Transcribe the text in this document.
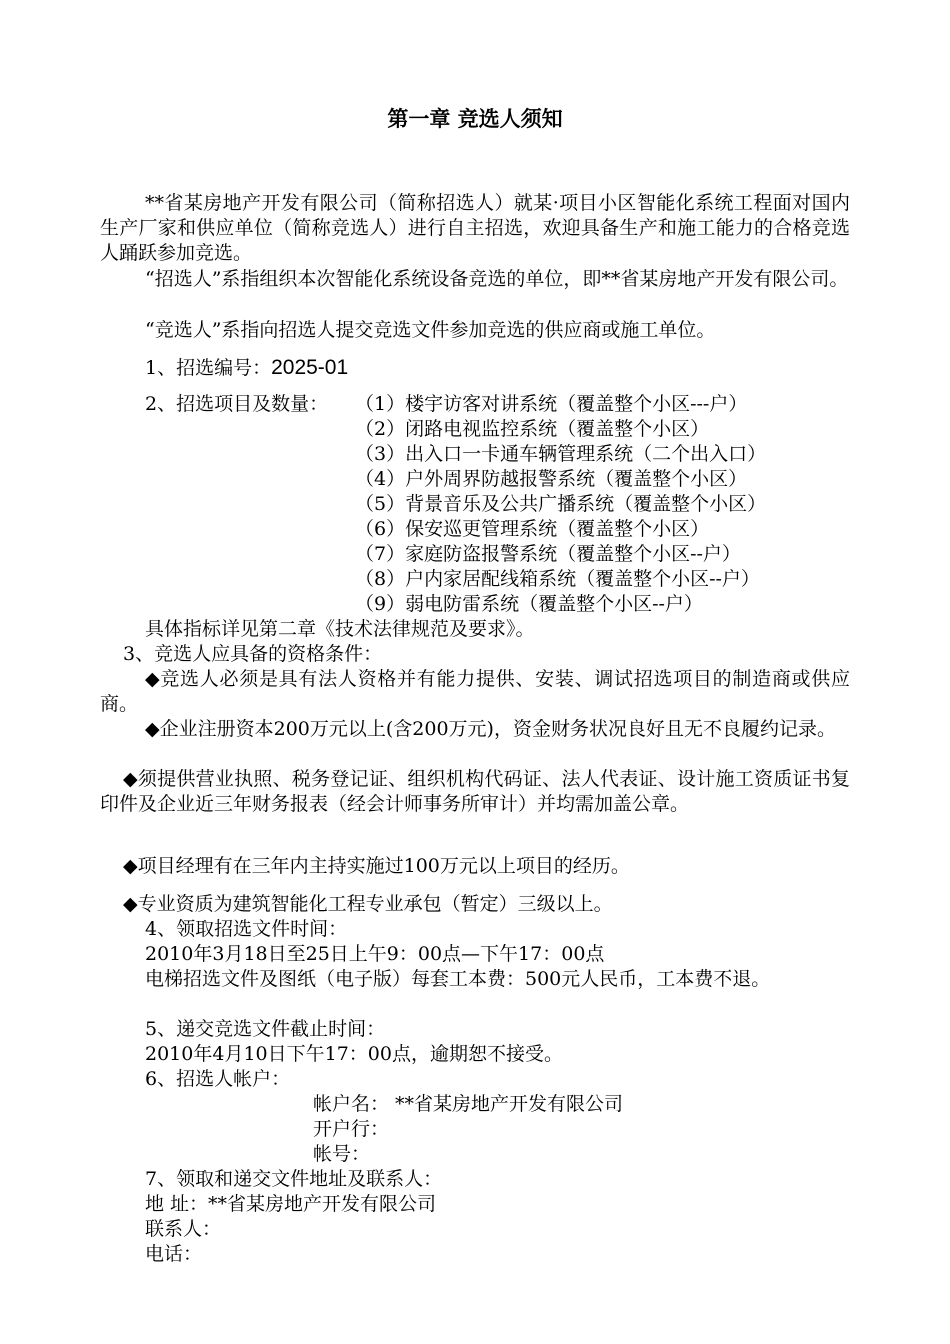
第一章 竞选人须知
**省某房地产开发有限公司（简称招选人）就某·项目小区智能化系统工程面对国内生产厂家和供应单位（简称竞选人）进行自主招选，欢迎具备生产和施工能力的合格竞选人踊跃参加竞选。
“招选人”系指组织本次智能化系统设备竞选的单位，即**省某房地产开发有限公司。
“竞选人”系指向招选人提交竞选文件参加竞选的供应商或施工单位。
1、招选编号：2025-01
2、招选项目及数量： （1）楼宇访客对讲系统（覆盖整个小区---户）
（2）闭路电视监控系统（覆盖整个小区）
（3）出入口一卡通车辆管理系统（二个出入口）
（4）户外周界防越报警系统（覆盖整个小区）
（5）背景音乐及公共广播系统（覆盖整个小区）
（6）保安巡更管理系统（覆盖整个小区）
（7）家庭防盗报警系统（覆盖整个小区--户）
（8）户内家居配线箱系统（覆盖整个小区--户）
（9）弱电防雷系统（覆盖整个小区--户）
具体指标详见第二章《技术法律规范及要求》。
3、竞选人应具备的资格条件：
◆竞选人必须是具有法人资格并有能力提供、安装、调试招选项目的制造商或供应商。
◆企业注册资本200万元以上(含200万元)，资金财务状况良好且无不良履约记录。
◆须提供营业执照、税务登记证、组织机构代码证、法人代表证、设计施工资质证书复印件及企业近三年财务报表（经会计师事务所审计）并均需加盖公章。
◆项目经理有在三年内主持实施过100万元以上项目的经历。
◆专业资质为建筑智能化工程专业承包（暂定）三级以上。
4、领取招选文件时间：
2010年3月18日至25日上午9：00点—下午17：00点
电梯招选文件及图纸（电子版）每套工本费：500元人民币，工本费不退。
5、递交竞选文件截止时间：
2010年4月10日下午17：00点，逾期恕不接受。
6、招选人帐户：
帐户名： **省某房地产开发有限公司
开户行：
帐号：
7、领取和递交文件地址及联系人：
地 址：**省某房地产开发有限公司
联系人：
电话：
